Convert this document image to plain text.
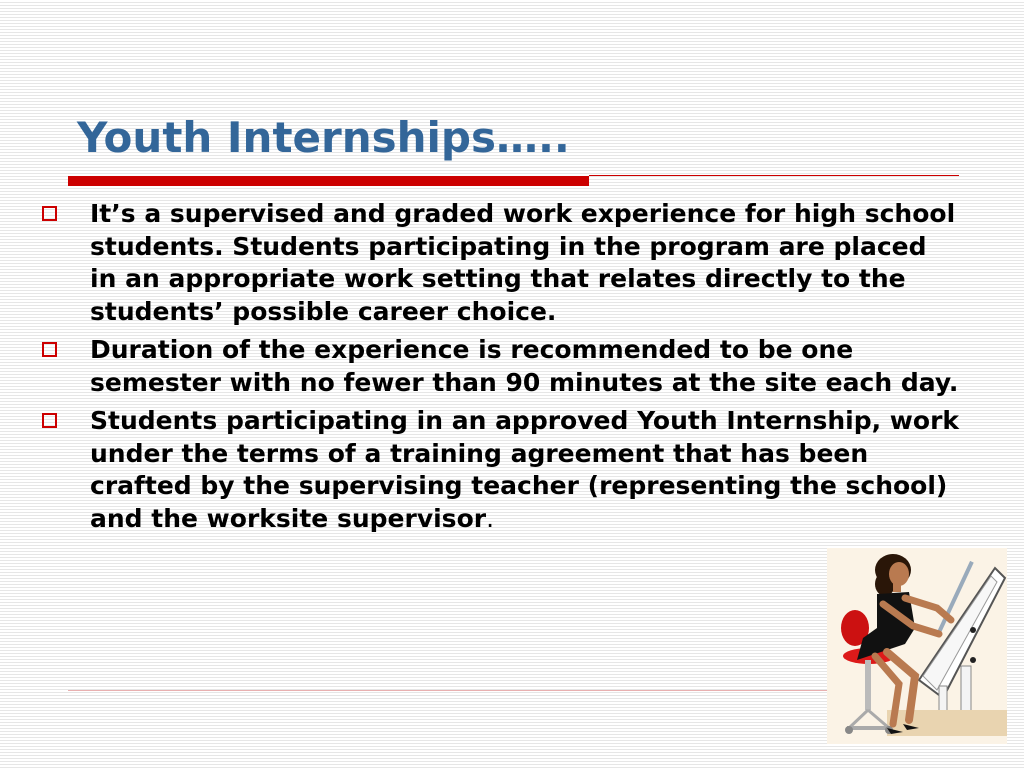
Youth Internships…..
It’s a supervised and graded work experience for high school students. Students participating in the program are placed in an appropriate work setting that relates directly to the students’ possible career choice.
Duration of the experience is recommended to be one semester with no fewer than 90 minutes at the site each day.
Students participating in an approved Youth Internship, work under the terms of a training agreement that has been crafted by the supervising teacher (representing the school) and the worksite supervisor.
